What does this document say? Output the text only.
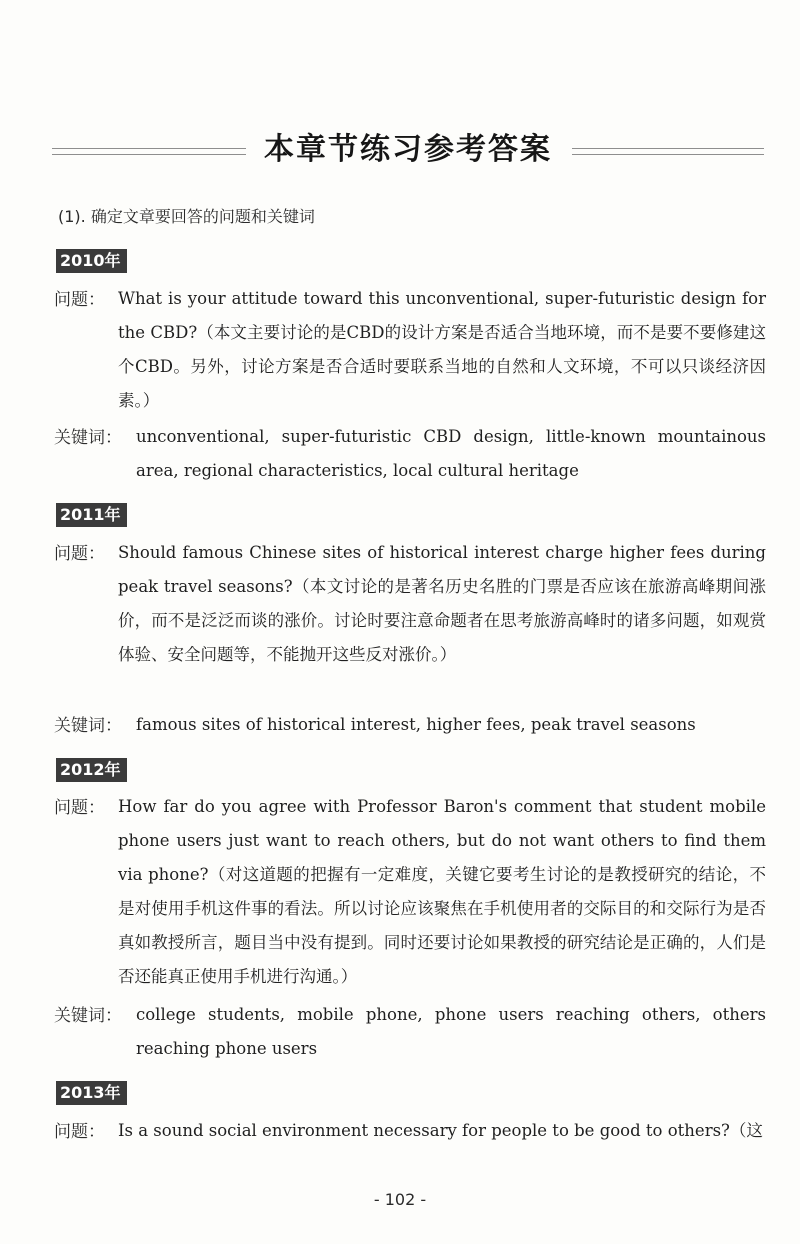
本章节练习参考答案
(1). 确定文章要回答的问题和关键词
2010年
问题： What is your attitude toward this unconventional, super-futuristic design for the CBD?（本文主要讨论的是CBD的设计方案是否适合当地环境，而不是要不要修建这个CBD。另外，讨论方案是否合适时要联系当地的自然和人文环境，不可以只谈经济因素。）
关键词： unconventional, super-futuristic CBD design, little-known mountainous area, regional characteristics, local cultural heritage
2011年
问题： Should famous Chinese sites of historical interest charge higher fees during peak travel seasons?（本文讨论的是著名历史名胜的门票是否应该在旅游高峰期间涨价，而不是泛泛而谈的涨价。讨论时要注意命题者在思考旅游高峰时的诸多问题，如观赏体验、安全问题等，不能抛开这些反对涨价。）
关键词： famous sites of historical interest, higher fees, peak travel seasons
2012年
问题： How far do you agree with Professor Baron's comment that student mobile phone users just want to reach others, but do not want others to find them via phone?（对这道题的把握有一定难度，关键它要考生讨论的是教授研究的结论，不是对使用手机这件事的看法。所以讨论应该聚焦在手机使用者的交际目的和交际行为是否真如教授所言，题目当中没有提到。同时还要讨论如果教授的研究结论是正确的，人们是否还能真正使用手机进行沟通。）
关键词： college students, mobile phone, phone users reaching others, others reaching phone users
2013年
问题： Is a sound social environment necessary for people to be good to others?（这
- 102 -
